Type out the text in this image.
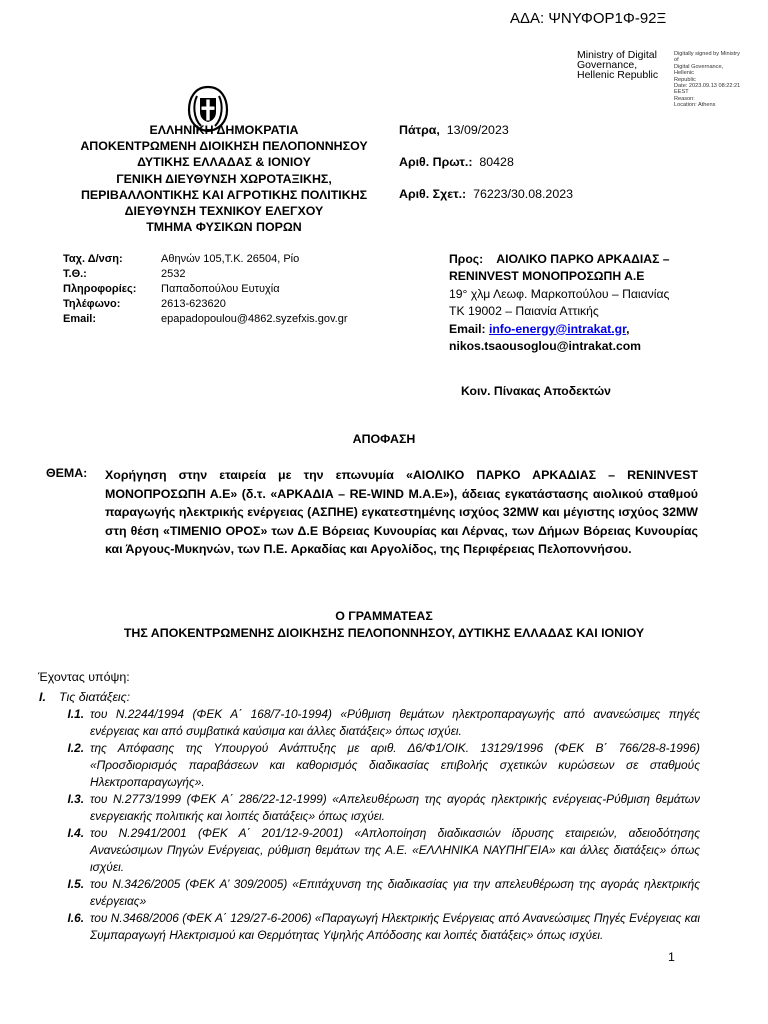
ΑΔΑ: ΨΝΥΦΟΡ1Φ-92Ξ
Ministry of Digital
Governance,
Hellenic Republic
Digitally signed by Ministry of
Digital Governance, Hellenic
Republic
Date: 2023.09.13 08:22:21
EEST
Reason:
Location: Athens
ΕΛΛΗΝΙΚΗ ΔΗΜΟΚΡΑΤΙΑ
ΑΠΟΚΕΝΤΡΩΜΕΝΗ ΔΙΟΙΚΗΣΗ ΠΕΛΟΠΟΝΝΗΣΟΥ
ΔΥΤΙΚΗΣ ΕΛΛΑΔΑΣ & ΙΟΝΙΟΥ
ΓΕΝΙΚΗ ΔΙΕΥΘΥΝΣΗ ΧΩΡΟΤΑΞΙΚΗΣ,
ΠΕΡΙΒΑΛΛΟΝΤΙΚΗΣ ΚΑΙ ΑΓΡΟΤΙΚΗΣ ΠΟΛΙΤΙΚΗΣ
ΔΙΕΥΘΥΝΣΗ ΤΕΧΝΙΚΟΥ ΕΛΕΓΧΟΥ
ΤΜΗΜΑ ΦΥΣΙΚΩΝ ΠΟΡΩΝ
Πάτρα, 13/09/2023
Αριθ. Πρωτ.: 80428
Αριθ. Σχετ.: 76223/30.08.2023
Ταχ. Δ/νση:	Αθηνών 105,Τ.Κ. 26504, Ρίο
Τ.Θ.:	2532
Πληροφορίες:	Παπαδοπούλου Ευτυχία
Τηλέφωνο:	2613-623620
Email:	epapadopoulou@4862.syzefxis.gov.gr
Προς: ΑΙΟΛΙΚΟ ΠΑΡΚΟ ΑΡΚΑΔΙΑΣ –
RENINVEST ΜΟΝΟΠΡΟΣΩΠΗ Α.Ε
19° χλμ Λεωφ. Μαρκοπούλου – Παιανίας
ΤΚ 19002 – Παιανία Αττικής
Email: info-energy@intrakat.gr,
nikos.tsaousoglou@intrakat.com
Κοιν. Πίνακας Αποδεκτών
ΑΠΟΦΑΣΗ
ΘΕΜΑ: Χορήγηση στην εταιρεία με την επωνυμία «ΑΙΟΛΙΚΟ ΠΑΡΚΟ ΑΡΚΑΔΙΑΣ – RENINVEST ΜΟΝΟΠΡΟΣΩΠΗ Α.Ε» (δ.τ. «ΑΡΚΑΔΙΑ – RE-WIND Μ.Α.Ε»), άδειας εγκατάστασης αιολικού σταθμού παραγωγής ηλεκτρικής ενέργειας (ΑΣΠΗΕ) εγκατεστημένης ισχύος 32MW και μέγιστης ισχύος 32MW στη θέση «ΤΙΜΕΝΙΟ ΟΡΟΣ» των Δ.Ε Βόρειας Κυνουρίας και Λέρνας, των Δήμων Βόρειας Κυνουρίας και Άργους-Μυκηνών, των Π.Ε. Αρκαδίας και Αργολίδος, της Περιφέρειας Πελοποννήσου.
Ο ΓΡΑΜΜΑΤΕΑΣ
ΤΗΣ ΑΠΟΚΕΝΤΡΩΜΕΝΗΣ ΔΙΟΙΚΗΣΗΣ ΠΕΛΟΠΟΝΝΗΣΟΥ, ΔΥΤΙΚΗΣ ΕΛΛΑΔΑΣ ΚΑΙ ΙΟΝΙΟΥ
Έχοντας υπόψη:
I. Τις διατάξεις:
I.1. του Ν.2244/1994 (ΦΕΚ Α΄ 168/7-10-1994) «Ρύθμιση θεμάτων ηλεκτροπαραγωγής από ανανεώσιμες πηγές ενέργειας και από συμβατικά καύσιμα και άλλες διατάξεις» όπως ισχύει.
I.2. της Απόφασης της Υπουργού Ανάπτυξης με αριθ. Δ6/Φ1/ΟΙΚ. 13129/1996 (ΦΕΚ Β΄ 766/28-8-1996) «Προσδιορισμός παραβάσεων και καθορισμός διαδικασίας επιβολής σχετικών κυρώσεων σε σταθμούς Ηλεκτροπαραγωγής».
I.3. του Ν.2773/1999 (ΦΕΚ Α΄ 286/22-12-1999) «Απελευθέρωση της αγοράς ηλεκτρικής ενέργειας-Ρύθμιση θεμάτων ενεργειακής πολιτικής και λοιπές διατάξεις» όπως ισχύει.
I.4. του Ν.2941/2001 (ΦΕΚ Α΄ 201/12-9-2001) «Απλοποίηση διαδικασιών ίδρυσης εταιρειών, αδειοδότησης Ανανεώσιμων Πηγών Ενέργειας, ρύθμιση θεμάτων της Α.Ε. «ΕΛΛΗΝΙΚΑ ΝΑΥΠΗΓΕΙΑ» και άλλες διατάξεις» όπως ισχύει.
I.5. του Ν.3426/2005 (ΦΕΚ Α’ 309/2005) «Επιτάχυνση της διαδικασίας για την απελευθέρωση της αγοράς ηλεκτρικής ενέργειας»
I.6. του Ν.3468/2006 (ΦΕΚ Α΄ 129/27-6-2006) «Παραγωγή Ηλεκτρικής Ενέργειας από Ανανεώσιμες Πηγές Ενέργειας και Συμπαραγωγή Ηλεκτρισμού και Θερμότητας Υψηλής Απόδοσης και λοιπές διατάξεις» όπως ισχύει.
1
